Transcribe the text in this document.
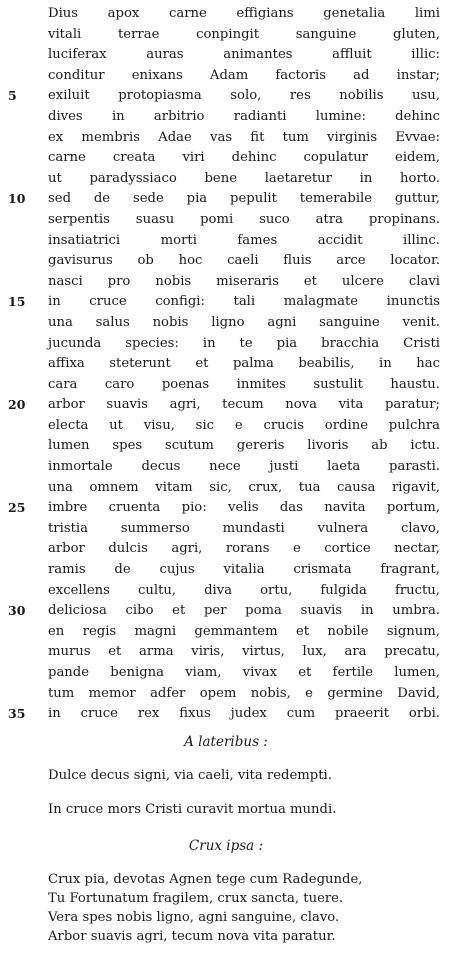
Dius apox carne effigians genetalia limi
vitali terrae conpingit sanguine gluten,
luciferax auras animantes affluit illic:
conditur enixans Adam factoris ad instar;
5	exiluit protopiasma solo, res nobilis usu,
dives in arbitrio radianti lumine: dehinc
ex membris Adae vas fit tum virginis Evvae:
carne creata viri dehinc copulatur eidem,
ut paradyssiaco bene laetaretur in horto.
10	sed de sede pia pepulit temerabile guttur,
serpentis suasu pomi suco atra propinans.
insatiatrici morti fames accidit illinc.
gavisurus ob hoc caeli fluis arce locator.
nasci pro nobis miseraris et ulcere clavi
15	in cruce configi: tali malagmate inunctis
una salus nobis ligno agni sanguine venit.
jucunda species: in te pia bracchia Cristi
affixa steterunt et palma beabilis, in hac
cara caro poenas inmites sustulit haustu.
20	arbor suavis agri, tecum nova vita paratur;
electa ut visu, sic e crucis ordine pulchra
lumen spes scutum gereris livoris ab ictu.
inmortale decus nece justi laeta parasti.
una omnem vitam sic, crux, tua causa rigavit,
25	imbre cruenta pio: velis das navita portum,
tristia summerso mundasti vulnera clavo,
arbor dulcis agri, rorans e cortice nectar,
ramis de cujus vitalia crismata fragrant,
excellens cultu, diva ortu, fulgida fructu,
30	deliciosa cibo et per poma suavis in umbra.
en regis magni gemmantem et nobile signum,
murus et arma viris, virtus, lux, ara precatu,
pande benigna viam, vivax et fertile lumen,
tum memor adfer opem nobis, e germine David,
35	in cruce rex fixus judex cum praeerit orbi.
A lateribus :
Dulce decus signi, via caeli, vita redempti.
In cruce mors Cristi curavit mortua mundi.
Crux ipsa :
Crux pia, devotas Agnen tege cum Radegunde,
Tu Fortunatum fragilem, crux sancta, tuere.
Vera spes nobis ligno, agni sanguine, clavo.
Arbor suavis agri, tecum nova vita paratur.
